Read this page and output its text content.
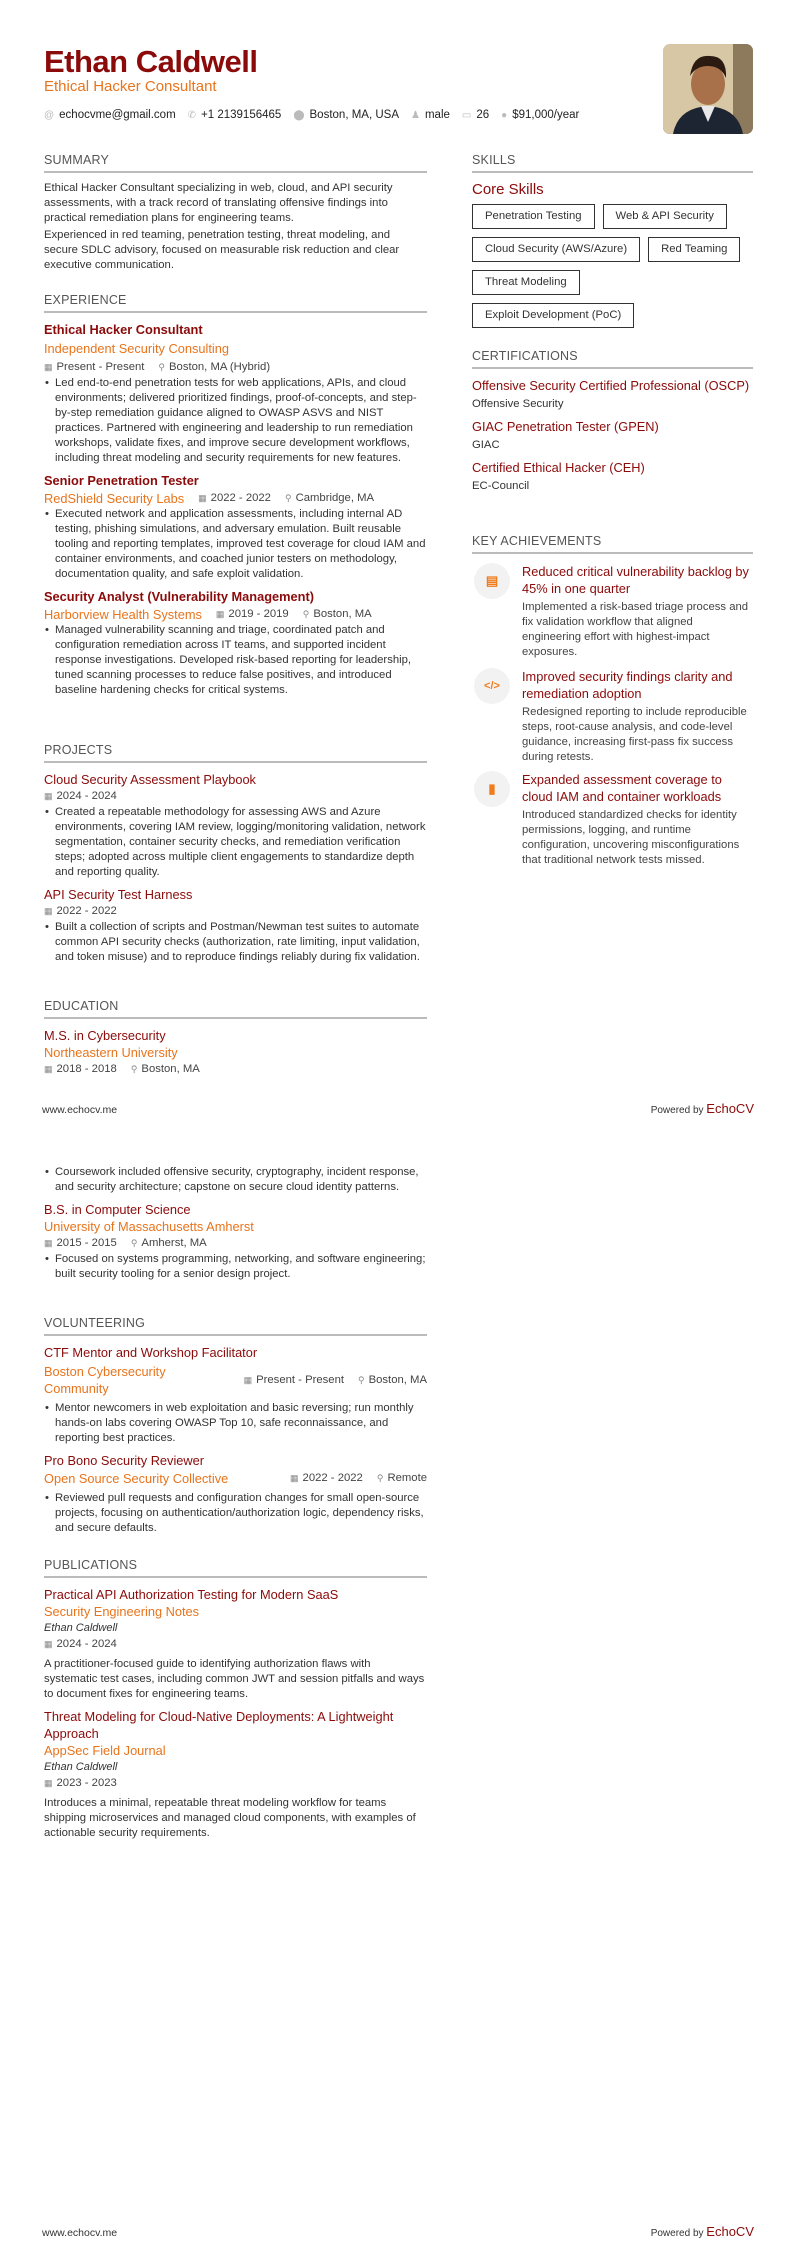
Ethan Caldwell
Ethical Hacker Consultant
@ echocvme@gmail.com ✆ +1 2139156465 ⬤ Boston, MA, USA ♟ male ▭ 26 ● $91,000/year
SUMMARY

Ethical Hacker Consultant specializing in web, cloud, and API security assessments, with a track record of translating offensive findings into practical remediation plans for engineering teams.

Experienced in red teaming, penetration testing, threat modeling, and secure SDLC advisory, focused on measurable risk reduction and clear executive communication.

EXPERIENCE
Ethical Hacker Consultant
Independent Security Consulting
▦ Present - Present ⚲ Boston, MA (Hybrid)
• Led end-to-end penetration tests for web applications, APIs, and cloud environments; delivered prioritized findings, proof-of-concepts, and step-by-step remediation guidance aligned to OWASP ASVS and NIST practices. Partnered with engineering and leadership to run remediation workshops, validate fixes, and improve secure development workflows, including threat modeling and security requirements for new features.
Senior Penetration Tester
RedShield Security Labs ▦ 2022 - 2022 ⚲ Cambridge, MA
• Executed network and application assessments, including internal AD testing, phishing simulations, and adversary emulation. Built reusable tooling and reporting templates, improved test coverage for cloud IAM and container environments, and coached junior testers on methodology, documentation quality, and safe exploit validation.
Security Analyst (Vulnerability Management)
Harborview Health Systems ▦ 2019 - 2019 ⚲ Boston, MA
• Managed vulnerability scanning and triage, coordinated patch and configuration remediation across IT teams, and supported incident response investigations. Developed risk-based reporting for leadership, tuned scanning processes to reduce false positives, and introduced baseline hardening checks for critical systems.
PROJECTS
Cloud Security Assessment Playbook
▦ 2024 - 2024
• Created a repeatable methodology for assessing AWS and Azure environments, covering IAM review, logging/monitoring validation, network segmentation, container security checks, and remediation verification steps; adopted across multiple client engagements to standardize depth and reporting quality.
API Security Test Harness
▦ 2022 - 2022
• Built a collection of scripts and Postman/Newman test suites to automate common API security checks (authorization, rate limiting, input validation, and token misuse) and to reproduce findings reliably during fix validation.
EDUCATION
M.S. in Cybersecurity
Northeastern University
▦ 2018 - 2018 ⚲ Boston, MA
SKILLS
Core Skills
Penetration Testing	Web & API SecurityCloud Security (AWS/Azure)	Red Teaming
Threat Modeling
Exploit Development (PoC)
CERTIFICATIONS
Offensive Security Certified Professional (OSCP)
Offensive Security
GIAC Penetration Tester (GPEN)
GIAC
Certified Ethical Hacker (CEH)
EC-Council
KEY ACHIEVEMENTS
▤
Reduced critical vulnerability backlog by 45% in one quarter
Implemented a risk-based triage process and fix validation workflow that aligned engineering effort with highest-impact exposures.
</>
Improved security findings clarity and remediation adoption
Redesigned reporting to include reproducible steps, root-cause analysis, and code-level guidance, increasing first-pass fix success during retests.
▮
Expanded assessment coverage to cloud IAM and container workloads
Introduced standardized checks for identity permissions, logging, and runtime configuration, uncovering misconfigurations that traditional network tests missed.
www.echocv.me	Powered by EchoCV
• Coursework included offensive security, cryptography, incident response, and security architecture; capstone on secure cloud identity patterns.
B.S. in Computer Science
University of Massachusetts Amherst
▦ 2015 - 2015 ⚲ Amherst, MA
• Focused on systems programming, networking, and software engineering; built security tooling for a senior design project.
VOLUNTEERING
CTF Mentor and Workshop Facilitator
Boston Cybersecurity Community
▦ Present - Present ⚲ Boston, MA
• Mentor newcomers in web exploitation and basic reversing; run monthly hands-on labs covering OWASP Top 10, safe reconnaissance, and reporting best practices.
Pro Bono Security Reviewer
Open Source Security Collective	▦ 2022 - 2022 ⚲ Remote
• Reviewed pull requests and configuration changes for small open-source projects, focusing on authentication/authorization logic, dependency risks, and secure defaults.
PUBLICATIONS
Practical API Authorization Testing for Modern SaaS
Security Engineering Notes
Ethan Caldwell
▦ 2024 - 2024

A practitioner-focused guide to identifying authorization flaws with systematic test cases, including common JWT and session pitfalls and ways to document fixes for engineering teams.

Threat Modeling for Cloud-Native Deployments: A Lightweight Approach
AppSec Field Journal
Ethan Caldwell
▦ 2023 - 2023

Introduces a minimal, repeatable threat modeling workflow for teams shipping microservices and managed cloud components, with examples of actionable security requirements.

www.echocv.me	Powered by EchoCV
